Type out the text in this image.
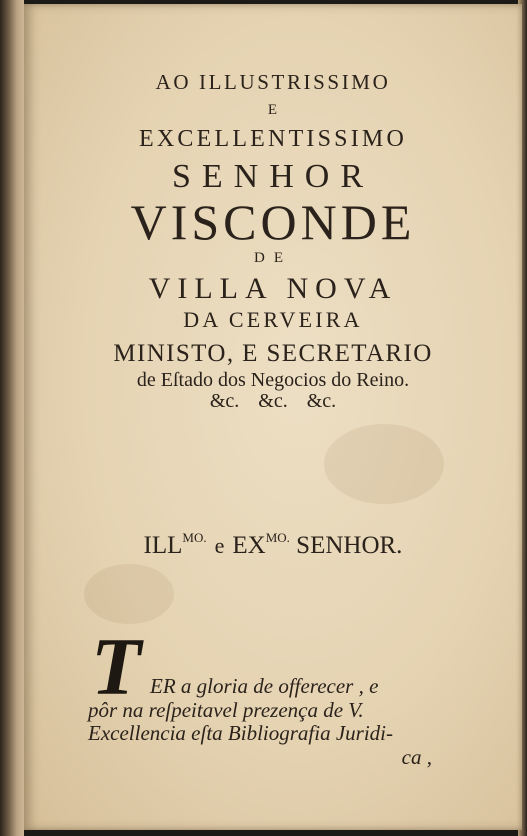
AO ILLUSTRISSIMO
E
EXCELLENTISSIMO
SENHOR
VISCONDE
DE
VILLA NOVA
DA CERVEIRA
MINISTO, E SECRETARIO
de Eſtado dos Negocios do Reino.
&c. &c. &c.
$ILL^{MO.}$ e $EX^{MO.}$ SENHOR.
T ER a gloria de offerecer , e
pôr na reſpeitavel prezença de V.
Excellencia eſta Bibliografia Juridi-
ca ,
